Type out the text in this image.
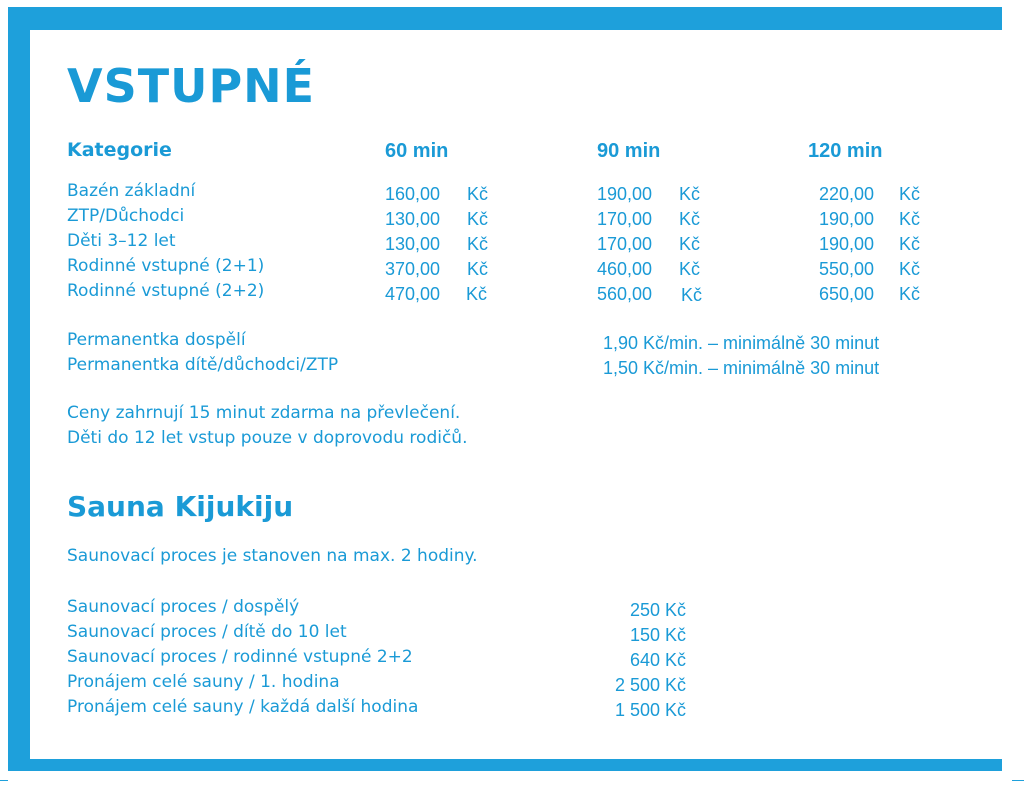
VSTUPNÉ
Kategorie	60 min	90 min	120 min
Bazén základní	160,00 Kč	190,00 Kč	220,00 Kč
ZTP/Důchodci	130,00 Kč	170,00 Kč	190,00 Kč
Děti 3–12 let	130,00 Kč	170,00 Kč	190,00 Kč
Rodinné vstupné (2+1)	370,00 Kč	460,00 Kč	550,00 Kč
Rodinné vstupné (2+2)	470,00 Kč	560,00 Kč	650,00 Kč
Permanentka dospělí	1,90 Kč/min. – minimálně 30 minut
Permanentka dítě/důchodci/ZTP	1,50 Kč/min. – minimálně 30 minut
Ceny zahrnují 15 minut zdarma na převlečení.
Děti do 12 let vstup pouze v doprovodu rodičů.
Sauna Kijukiju
Saunovací proces je stanoven na max. 2 hodiny.
Saunovací proces / dospělý	250 Kč
Saunovací proces / dítě do 10 let	150 Kč
Saunovací proces / rodinné vstupné 2+2	640 Kč
Pronájem celé sauny / 1. hodina	2 500 Kč
Pronájem celé sauny / každá další hodina	1 500 Kč
